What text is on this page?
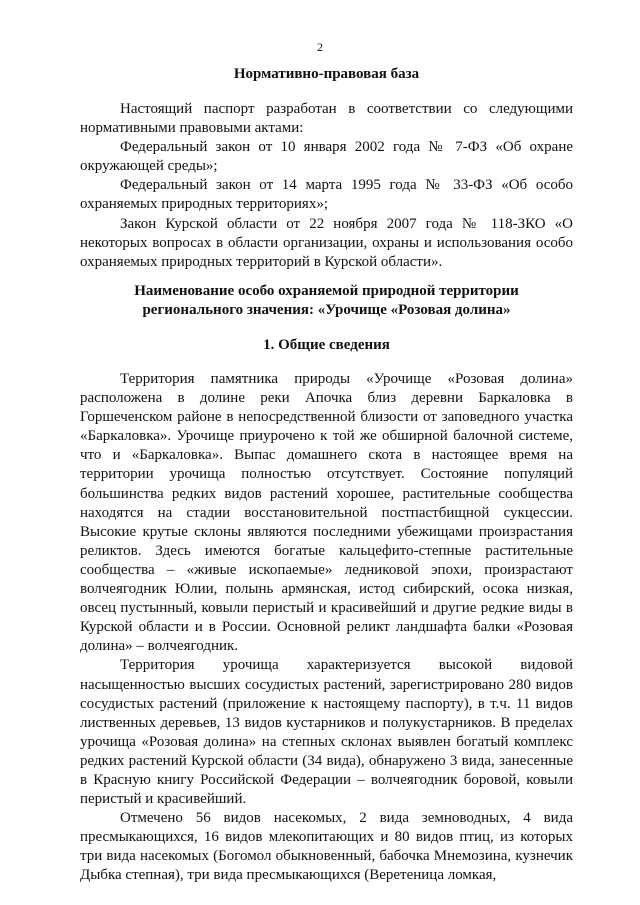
2
Нормативно-правовая база

Настоящий паспорт разработан в соответствии со следующими нормативными правовыми актами:

Федеральный закон от 10 января 2002 года № 7-ФЗ «Об охране окружающей среды»;

Федеральный закон от 14 марта 1995 года № 33-ФЗ «Об особо охраняемых природных территориях»;

Закон Курской области от 22 ноября 2007 года № 118-ЗКО «О некоторых вопросах в области организации, охраны и использования особо охраняемых природных территорий в Курской области».

Наименование особо охраняемой природной территории
регионального значения: «Урочище «Розовая долина»
1. Общие сведения

Территория памятника природы «Урочище «Розовая долина» расположена в долине реки Апочка близ деревни Баркаловка в Горшеченском районе в непосредственной близости от заповедного участка «Баркаловка». Урочище приурочено к той же обширной балочной системе, что и «Баркаловка». Выпас домашнего скота в настоящее время на территории урочища полностью отсутствует. Состояние популяций большинства редких видов растений хорошее, растительные сообщества находятся на стадии восстановительной постпастбищной сукцессии. Высокие крутые склоны являются последними убежищами произрастания реликтов. Здесь имеются богатые кальцефито-степные растительные сообщества – «живые ископаемые» ледниковой эпохи, произрастают волчеягодник Юлии, полынь армянская, истод сибирский, осока низкая, овсец пустынный, ковыли перистый и красивейший и другие редкие виды в Курской области и в России. Основной реликт ландшафта балки «Розовая долина» – волчеягодник.

Территория урочища характеризуется высокой видовой насыщенностью высших сосудистых растений, зарегистрировано 280 видов сосудистых растений (приложение к настоящему паспорту), в т.ч. 11 видов лиственных деревьев, 13 видов кустарников и полукустарников. В пределах урочища «Розовая долина» на степных склонах выявлен богатый комплекс редких растений Курской области (34 вида), обнаружено 3 вида, занесенные в Красную книгу Российской Федерации – волчеягодник боровой, ковыли перистый и красивейший.

Отмечено 56 видов насекомых, 2 вида земноводных, 4 вида пресмыкающихся, 16 видов млекопитающих и 80 видов птиц, из которых три вида насекомых (Богомол обыкновенный, бабочка Мнемозина, кузнечик Дыбка степная), три вида пресмыкающихся (Веретеница ломкая,
